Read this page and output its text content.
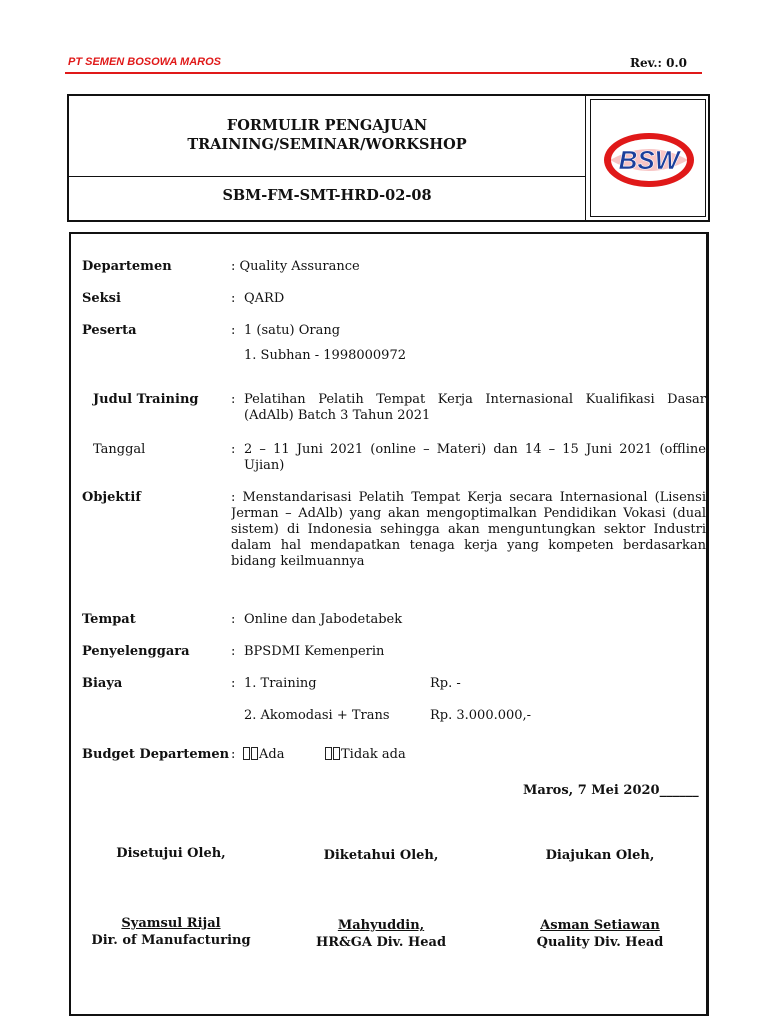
PT SEMEN BOSOWA MAROS	Rev.: 0.0
FORMULIR PENGAJUAN
TRAINING/SEMINAR/WORKSHOP
SBM-FM-SMT-HRD-02-08
BSW
Departemen	: Quality Assurance
Seksi	: QARD
Peserta	: 1 (satu) Orang
1. Subhan - 1998000972
Judul Training	: Pelatihan Pelatih Tempat Kerja Internasional Kualifikasi Dasar (AdAlb) Batch 3 Tahun 2021
Tanggal	: 2 – 11 Juni 2021 (online – Materi) dan 14 – 15 Juni 2021 (offline Ujian)
Objektif	: Menstandarisasi Pelatih Tempat Kerja secara Internasional (Lisensi Jerman – AdAlb) yang akan mengoptimalkan Pendidikan Vokasi (dual sistem) di Indonesia sehingga akan menguntungkan sektor Industri dalam hal mendapatkan tenaga kerja yang kompeten berdasarkan bidang keilmuannya
Tempat	: Online dan Jabodetabek
Penyelenggara	: BPSDMI Kemenperin
Biaya	: 1. Training	Rp. -
2. Akomodasi + Trans	Rp. 3.000.000,-
Budget Departemen :	Ada	Tidak ada
Maros, 7 Mei 2020______
Disetujui Oleh,	Diketahui Oleh,	Diajukan Oleh,
Syamsul Rijal
Dir. of Manufacturing
Mahyuddin,
HR&GA Div. Head
Asman Setiawan
Quality Div. Head
